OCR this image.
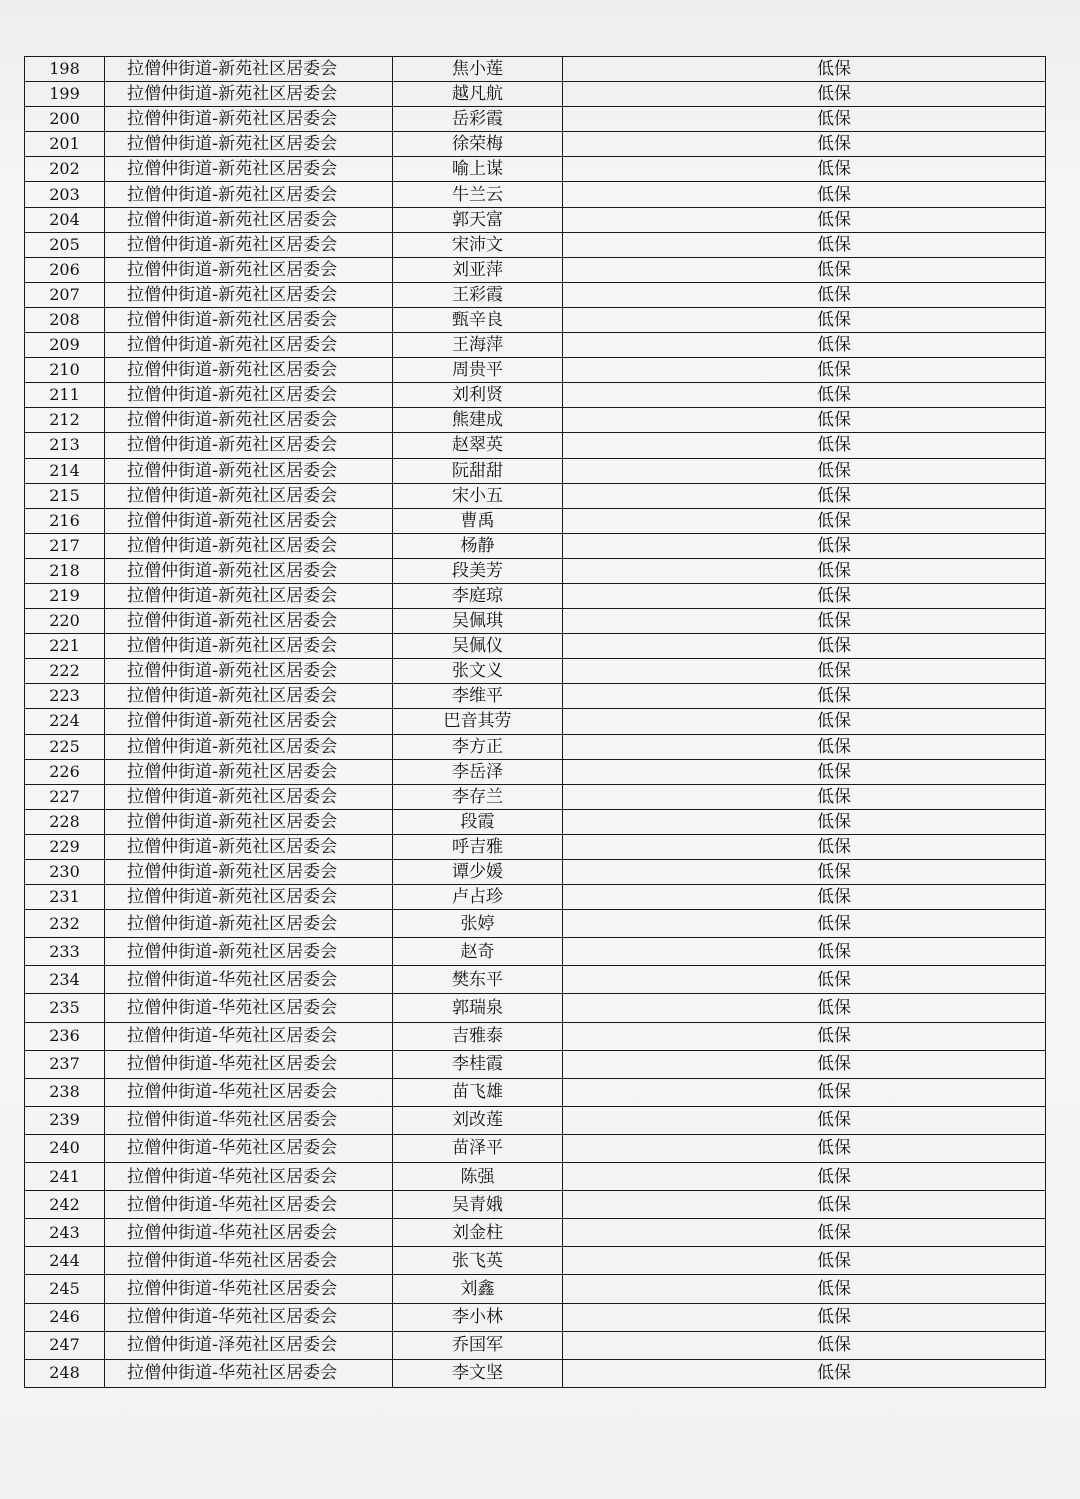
198	拉僧仲街道-新苑社区居委会	焦小莲	低保
199	拉僧仲街道-新苑社区居委会	越凡航	低保
200	拉僧仲街道-新苑社区居委会	岳彩霞	低保
201	拉僧仲街道-新苑社区居委会	徐荣梅	低保
202	拉僧仲街道-新苑社区居委会	喻上谋	低保
203	拉僧仲街道-新苑社区居委会	牛兰云	低保
204	拉僧仲街道-新苑社区居委会	郭天富	低保
205	拉僧仲街道-新苑社区居委会	宋沛文	低保
206	拉僧仲街道-新苑社区居委会	刘亚萍	低保
207	拉僧仲街道-新苑社区居委会	王彩霞	低保
208	拉僧仲街道-新苑社区居委会	甄辛良	低保
209	拉僧仲街道-新苑社区居委会	王海萍	低保
210	拉僧仲街道-新苑社区居委会	周贵平	低保
211	拉僧仲街道-新苑社区居委会	刘利贤	低保
212	拉僧仲街道-新苑社区居委会	熊建成	低保
213	拉僧仲街道-新苑社区居委会	赵翠英	低保
214	拉僧仲街道-新苑社区居委会	阮甜甜	低保
215	拉僧仲街道-新苑社区居委会	宋小五	低保
216	拉僧仲街道-新苑社区居委会	曹禹	低保
217	拉僧仲街道-新苑社区居委会	杨静	低保
218	拉僧仲街道-新苑社区居委会	段美芳	低保
219	拉僧仲街道-新苑社区居委会	李庭琼	低保
220	拉僧仲街道-新苑社区居委会	吴佩琪	低保
221	拉僧仲街道-新苑社区居委会	吴佩仪	低保
222	拉僧仲街道-新苑社区居委会	张文义	低保
223	拉僧仲街道-新苑社区居委会	李维平	低保
224	拉僧仲街道-新苑社区居委会	巴音其劳	低保
225	拉僧仲街道-新苑社区居委会	李方正	低保
226	拉僧仲街道-新苑社区居委会	李岳泽	低保
227	拉僧仲街道-新苑社区居委会	李存兰	低保
228	拉僧仲街道-新苑社区居委会	段霞	低保
229	拉僧仲街道-新苑社区居委会	呼吉雅	低保
230	拉僧仲街道-新苑社区居委会	谭少媛	低保
231	拉僧仲街道-新苑社区居委会	卢占珍	低保
232	拉僧仲街道-新苑社区居委会	张婷	低保
233	拉僧仲街道-新苑社区居委会	赵奇	低保
234	拉僧仲街道-华苑社区居委会	樊东平	低保
235	拉僧仲街道-华苑社区居委会	郭瑞泉	低保
236	拉僧仲街道-华苑社区居委会	吉雅泰	低保
237	拉僧仲街道-华苑社区居委会	李桂霞	低保
238	拉僧仲街道-华苑社区居委会	苗飞雄	低保
239	拉僧仲街道-华苑社区居委会	刘改莲	低保
240	拉僧仲街道-华苑社区居委会	苗泽平	低保
241	拉僧仲街道-华苑社区居委会	陈强	低保
242	拉僧仲街道-华苑社区居委会	吴青娥	低保
243	拉僧仲街道-华苑社区居委会	刘金柱	低保
244	拉僧仲街道-华苑社区居委会	张飞英	低保
245	拉僧仲街道-华苑社区居委会	刘鑫	低保
246	拉僧仲街道-华苑社区居委会	李小林	低保
247	拉僧仲街道-泽苑社区居委会	乔国军	低保
248	拉僧仲街道-华苑社区居委会	李文坚	低保
